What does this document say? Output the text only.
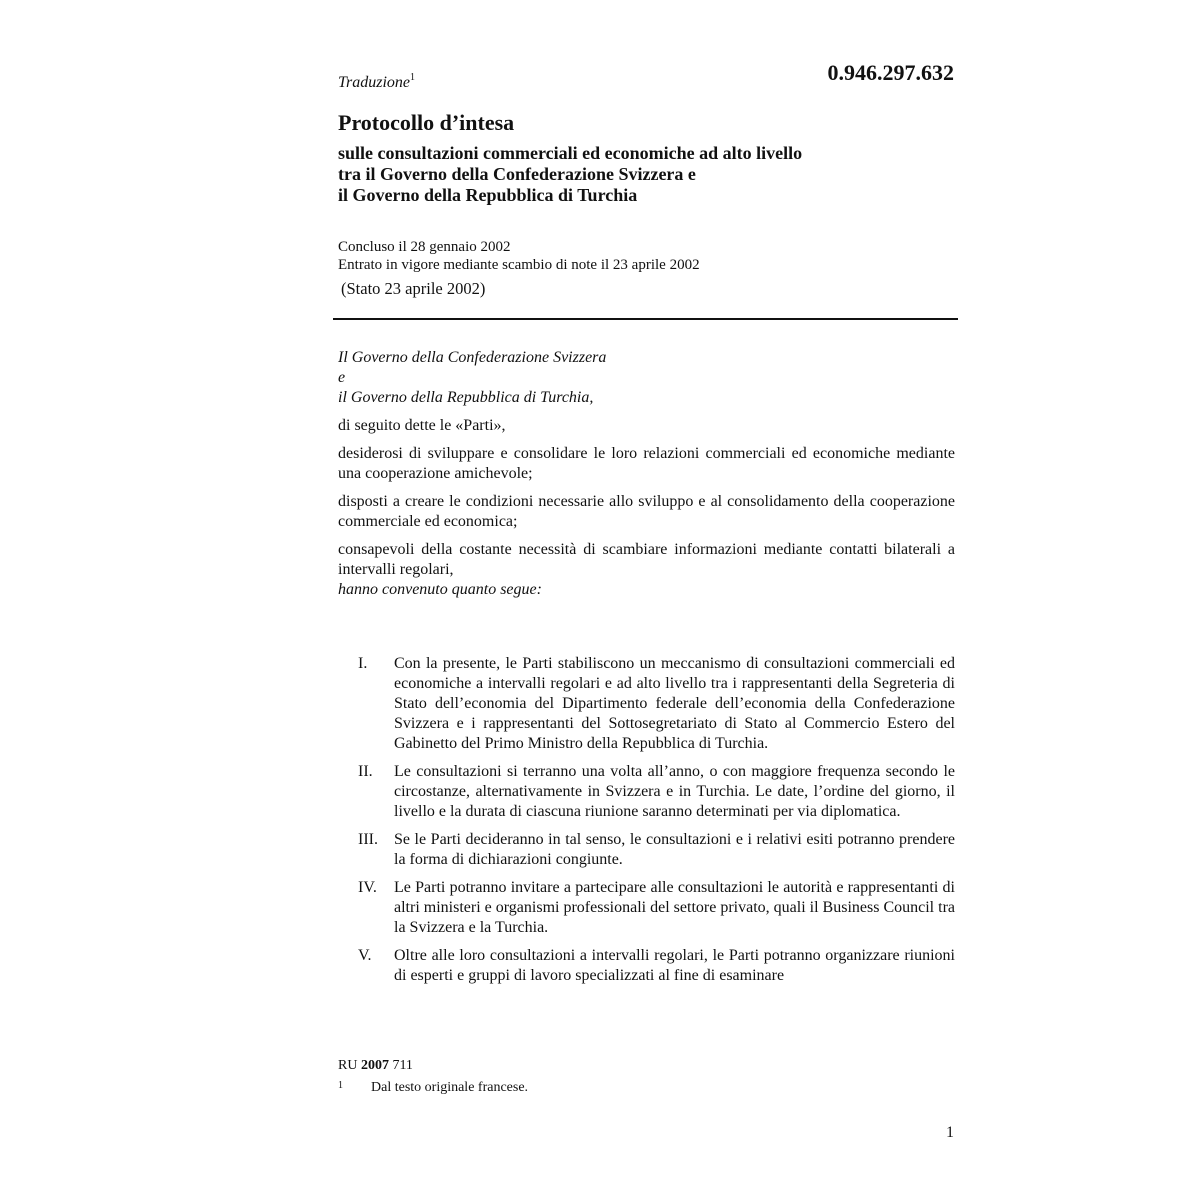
Traduzione$^1$	0.946.297.632
Protocollo d’intesa
sulle consultazioni commerciali ed economiche ad alto livello
tra il Governo della Confederazione Svizzera e
il Governo della Repubblica di Turchia
Concluso il 28 gennaio 2002
Entrato in vigore mediante scambio di note il 23 aprile 2002
(Stato 23 aprile 2002)
Il Governo della Confederazione Svizzera
e
il Governo della Repubblica di Turchia,
di seguito dette le «Parti»,
desiderosi di sviluppare e consolidare le loro relazioni commerciali ed economiche mediante una cooperazione amichevole;
disposti a creare le condizioni necessarie allo sviluppo e al consolidamento della cooperazione commerciale ed economica;
consapevoli della costante necessità di scambiare informazioni mediante contatti bilaterali a intervalli regolari,
hanno convenuto quanto segue:
I.	Con la presente, le Parti stabiliscono un meccanismo di consultazioni commerciali ed economiche a intervalli regolari e ad alto livello tra i rappresentanti della Segreteria di Stato dell’economia del Dipartimento federale dell’economia della Confederazione Svizzera e i rappresentanti del Sottosegretariato di Stato al Commercio Estero del Gabinetto del Primo Ministro della Repubblica di Turchia.
II.	Le consultazioni si terranno una volta all’anno, o con maggiore frequenza secondo le circostanze, alternativamente in Svizzera e in Turchia. Le date, l’ordine del giorno, il livello e la durata di ciascuna riunione saranno determinati per via diplomatica.
III.	Se le Parti decideranno in tal senso, le consultazioni e i relativi esiti potranno prendere la forma di dichiarazioni congiunte.
IV.	Le Parti potranno invitare a partecipare alle consultazioni le autorità e rappresentanti di altri ministeri e organismi professionali del settore privato, quali il Business Council tra la Svizzera e la Turchia.
V.	Oltre alle loro consultazioni a intervalli regolari, le Parti potranno organizzare riunioni di esperti e gruppi di lavoro specializzati al fine di esaminare
RU 2007 711
1	Dal testo originale francese.
1
